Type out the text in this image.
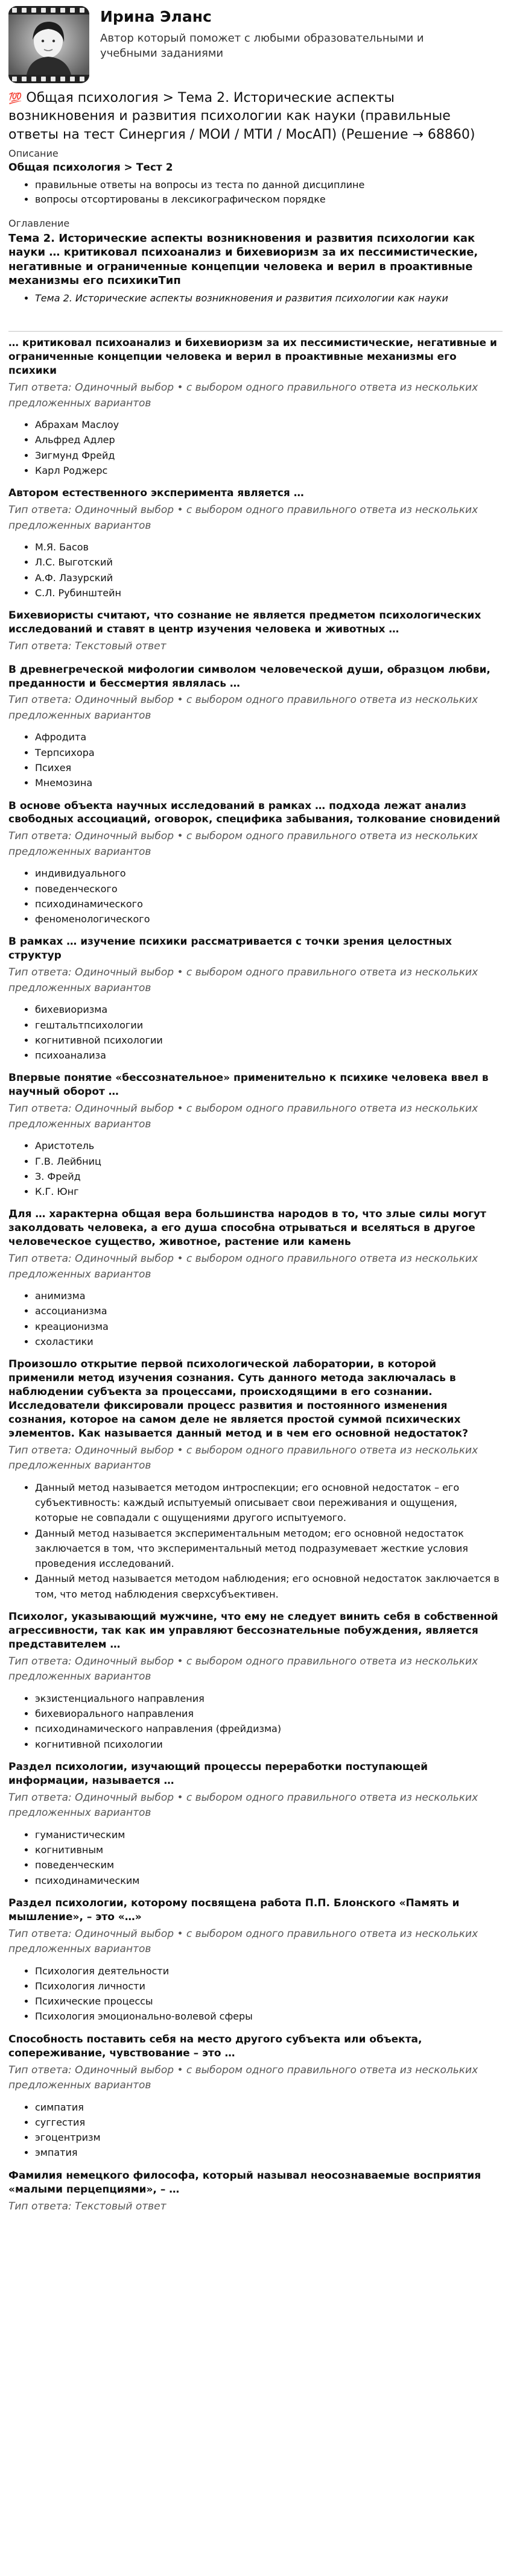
Ирина Эланс
Автор который поможет с любыми образовательными и учебными заданиями
💯 Общая психология > Тема 2. Исторические аспекты возникновения и развития психологии как науки (правильные ответы на тест Синергия / МОИ / МТИ / МосАП) (Решение → 68860)
Описание
Общая психология > Тест 2
• правильные ответы на вопросы из теста по данной дисциплине
• вопросы отсортированы в лексикографическом порядке
Оглавление
Тема 2. Исторические аспекты возникновения и развития психологии как науки … критиковал психоанализ и бихевиоризм за их пессимистические, негативные и ограниченные концепции человека и верил в проактивные механизмы его психикиТип
• Тема 2. Исторические аспекты возникновения и развития психологии как науки
… критиковал психоанализ и бихевиоризм за их пессимистические, негативные и ограниченные концепции человека и верил в проактивные механизмы его психики
Тип ответа: Одиночный выбор • с выбором одного правильного ответа из нескольких предложенных вариантов
• Абрахам Маслоу
• Альфред Адлер
• Зигмунд Фрейд
• Карл Роджерс
Автором естественного эксперимента является …
Тип ответа: Одиночный выбор • с выбором одного правильного ответа из нескольких предложенных вариантов
• М.Я. Басов
• Л.С. Выготский
• А.Ф. Лазурский
• С.Л. Рубинштейн
Бихевиористы считают, что сознание не является предметом психологических исследований и ставят в центр изучения человека и животных …
Тип ответа: Текстовый ответ
В древнегреческой мифологии символом человеческой души, образцом любви, преданности и бессмертия являлась …
Тип ответа: Одиночный выбор • с выбором одного правильного ответа из нескольких предложенных вариантов
• Афродита
• Терпсихора
• Психея
• Мнемозина
В основе объекта научных исследований в рамках … подхода лежат анализ свободных ассоциаций, оговорок, специфика забывания, толкование сновидений
Тип ответа: Одиночный выбор • с выбором одного правильного ответа из нескольких предложенных вариантов
• индивидуального
• поведенческого
• психодинамического
• феноменологического
В рамках … изучение психики рассматривается с точки зрения целостных структур
Тип ответа: Одиночный выбор • с выбором одного правильного ответа из нескольких предложенных вариантов
• бихевиоризма
• гештальтпсихологии
• когнитивной психологии
• психоанализа
Впервые понятие «бессознательное» применительно к психике человека ввел в научный оборот …
Тип ответа: Одиночный выбор • с выбором одного правильного ответа из нескольких предложенных вариантов
• Аристотель
• Г.В. Лейбниц
• З. Фрейд
• К.Г. Юнг
Для … характерна общая вера большинства народов в то, что злые силы могут заколдовать человека, а его душа способна отрываться и вселяться в другое человеческое существо, животное, растение или камень
Тип ответа: Одиночный выбор • с выбором одного правильного ответа из нескольких предложенных вариантов
• анимизма
• ассоцианизма
• креационизма
• схоластики
Произошло открытие первой психологической лаборатории, в которой применили метод изучения сознания. Суть данного метода заключалась в наблюдении субъекта за процессами, происходящими в его сознании. Исследователи фиксировали процесс развития и постоянного изменения сознания, которое на самом деле не является простой суммой психических элементов. Как называется данный метод и в чем его основной недостаток?
Тип ответа: Одиночный выбор • с выбором одного правильного ответа из нескольких предложенных вариантов
• Данный метод называется методом интроспекции; его основной недостаток – его субъективность: каждый испытуемый описывает свои переживания и ощущения, которые не совпадали с ощущениями другого испытуемого.
• Данный метод называется экспериментальным методом; его основной недостаток заключается в том, что экспериментальный метод подразумевает жесткие условия проведения исследований.
• Данный метод называется методом наблюдения; его основной недостаток заключается в том, что метод наблюдения сверхсубъективен.
Психолог, указывающий мужчине, что ему не следует винить себя в собственной агрессивности, так как им управляют бессознательные побуждения, является представителем …
Тип ответа: Одиночный выбор • с выбором одного правильного ответа из нескольких предложенных вариантов
• экзистенциального направления
• бихевиорального направления
• психодинамического направления (фрейдизма)
• когнитивной психологии
Раздел психологии, изучающий процессы переработки поступающей информации, называется …
Тип ответа: Одиночный выбор • с выбором одного правильного ответа из нескольких предложенных вариантов
• гуманистическим
• когнитивным
• поведенческим
• психодинамическим
Раздел психологии, которому посвящена работа П.П. Блонского «Память и мышление», – это «…»
Тип ответа: Одиночный выбор • с выбором одного правильного ответа из нескольких предложенных вариантов
• Психология деятельности
• Психология личности
• Психические процессы
• Психология эмоционально-волевой сферы
Способность поставить себя на место другого субъекта или объекта, сопереживание, чувствование – это …
Тип ответа: Одиночный выбор • с выбором одного правильного ответа из нескольких предложенных вариантов
• симпатия
• суггестия
• эгоцентризм
• эмпатия
Фамилия немецкого философа, который называл неосознаваемые восприятия «малыми перцепциями», – …
Тип ответа: Текстовый ответ
